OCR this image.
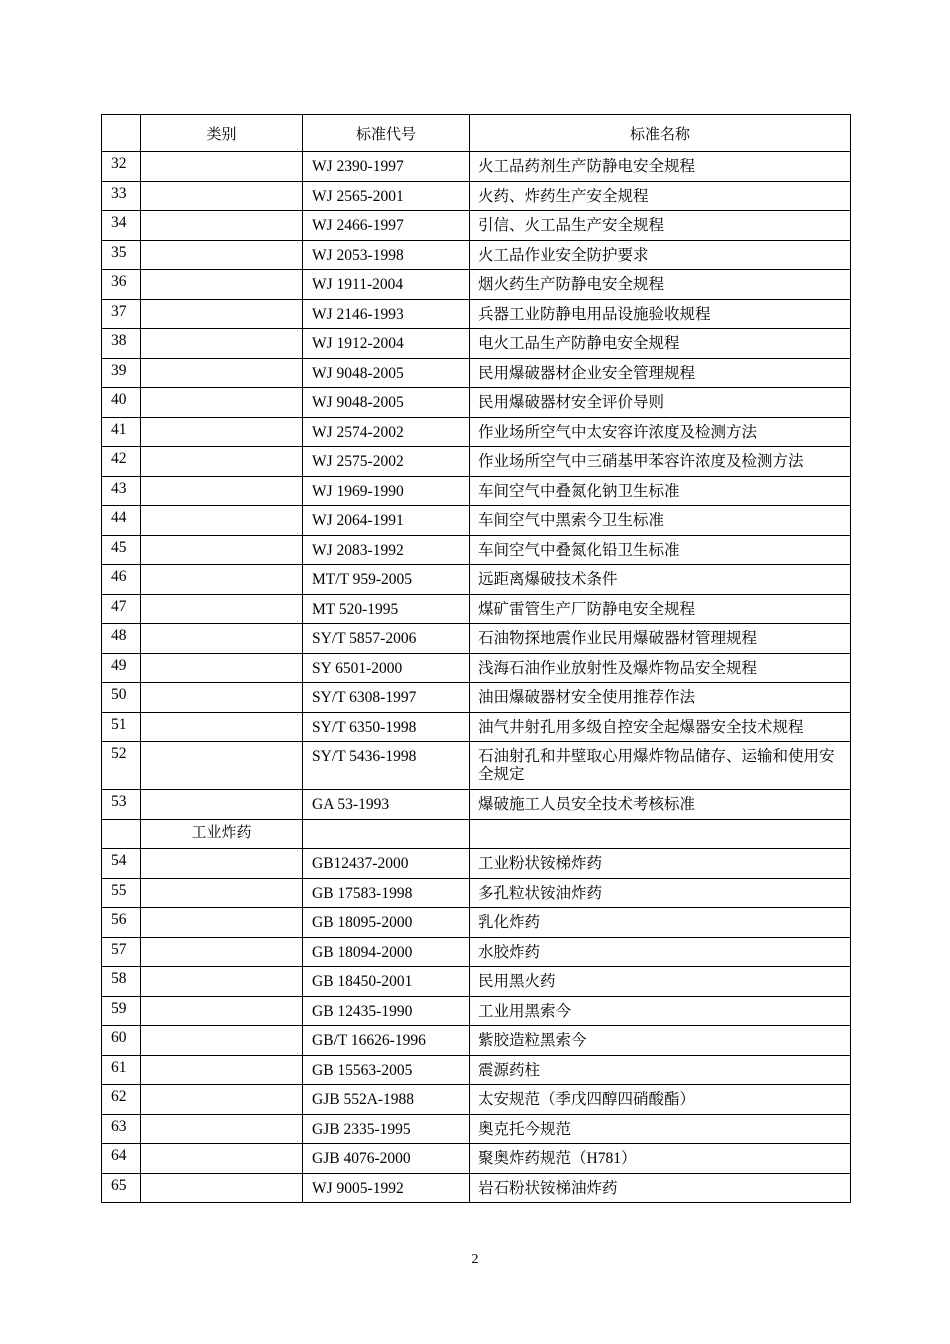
	类别	标准代号	标准名称
32		WJ 2390-1997	火工品药剂生产防静电安全规程
33		WJ 2565-2001	火药、炸药生产安全规程
34		WJ 2466-1997	引信、火工品生产安全规程
35		WJ 2053-1998	火工品作业安全防护要求
36		WJ 1911-2004	烟火药生产防静电安全规程
37		WJ 2146-1993	兵器工业防静电用品设施验收规程
38		WJ 1912-2004	电火工品生产防静电安全规程
39		WJ 9048-2005	民用爆破器材企业安全管理规程
40		WJ 9048-2005	民用爆破器材安全评价导则
41		WJ 2574-2002	作业场所空气中太安容许浓度及检测方法
42		WJ 2575-2002	作业场所空气中三硝基甲苯容许浓度及检测方法
43		WJ 1969-1990	车间空气中叠氮化钠卫生标准
44		WJ 2064-1991	车间空气中黑索今卫生标准
45		WJ 2083-1992	车间空气中叠氮化铅卫生标准
46		MT/T 959-2005	远距离爆破技术条件
47		MT 520-1995	煤矿雷管生产厂防静电安全规程
48		SY/T 5857-2006	石油物探地震作业民用爆破器材管理规程
49		SY 6501-2000	浅海石油作业放射性及爆炸物品安全规程
50		SY/T 6308-1997	油田爆破器材安全使用推荐作法
51		SY/T 6350-1998	油气井射孔用多级自控安全起爆器安全技术规程
52		SY/T 5436-1998	石油射孔和井壁取心用爆炸物品储存、运输和使用安全规定
53		GA 53-1993	爆破施工人员安全技术考核标准
	工业炸药		
54		GB12437-2000	工业粉状铵梯炸药
55		GB 17583-1998	多孔粒状铵油炸药
56		GB 18095-2000	乳化炸药
57		GB 18094-2000	水胶炸药
58		GB 18450-2001	民用黑火药
59		GB 12435-1990	工业用黑索今
60		GB/T 16626-1996	紫胶造粒黑索今
61		GB 15563-2005	震源药柱
62		GJB 552A-1988	太安规范（季戊四醇四硝酸酯）
63		GJB 2335-1995	奥克托今规范
64		GJB 4076-2000	聚奥炸药规范（H781）
65		WJ 9005-1992	岩石粉状铵梯油炸药
2
